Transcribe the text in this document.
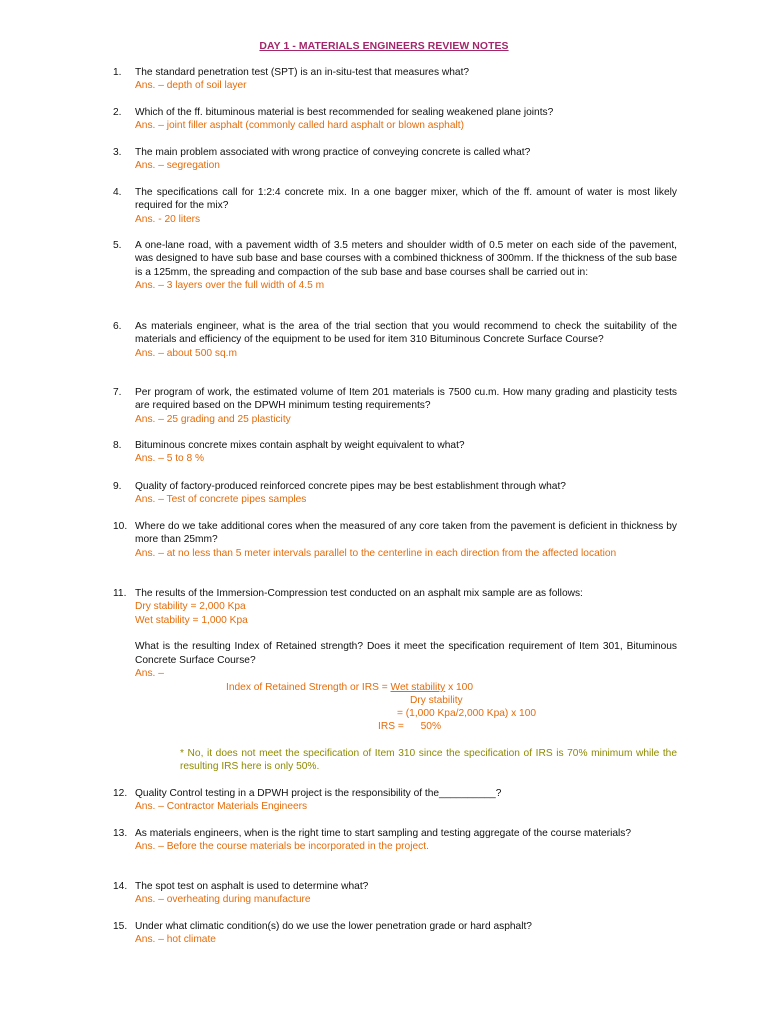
DAY 1 - MATERIALS ENGINEERS REVIEW NOTES
1.	The standard penetration test (SPT) is an in-situ-test that measures what?
Ans. – depth of soil layer
2.	Which of the ff. bituminous material is best recommended for sealing weakened plane joints?
Ans. – joint filler asphalt (commonly called hard asphalt or blown asphalt)
3.	The main problem associated with wrong practice of conveying concrete is called what?
Ans. – segregation
4.	The specifications call for 1:2:4 concrete mix. In a one bagger mixer, which of the ff. amount of water is most likely required for the mix?
Ans. - 20 liters
5.	A one-lane road, with a pavement width of 3.5 meters and shoulder width of 0.5 meter on each side of the pavement, was designed to have sub base and base courses with a combined thickness of 300mm. If the thickness of the sub base is a 125mm, the spreading and compaction of the sub base and base courses shall be carried out in:
Ans. – 3 layers over the full width of 4.5 m
6.	As materials engineer, what is the area of the trial section that you would recommend to check the suitability of the materials and efficiency of the equipment to be used for item 310 Bituminous Concrete Surface Course?
Ans. – about 500 sq.m
7.	Per program of work, the estimated volume of Item 201 materials is 7500 cu.m. How many grading and plasticity tests are required based on the DPWH minimum testing requirements?
Ans. – 25 grading and 25 plasticity
8.	Bituminous concrete mixes contain asphalt by weight equivalent to what?
Ans. – 5 to 8 %
9.	Quality of factory-produced reinforced concrete pipes may be best establishment through what?
Ans. – Test of concrete pipes samples
10. Where do we take additional cores when the measured of any core taken from the pavement is deficient in thickness by more than 25mm?
Ans. – at no less than 5 meter intervals parallel to the centerline in each direction from the affected location
11. The results of the Immersion-Compression test conducted on an asphalt mix sample are as follows:
Dry stability = 2,000 Kpa
Wet stability = 1,000 Kpa
What is the resulting Index of Retained strength? Does it meet the specification requirement of Item 301, Bituminous Concrete Surface Course?
Ans. –
Index of Retained Strength or IRS = Wet stability x 100
Dry stability
= (1,000 Kpa/2,000 Kpa) x 100
IRS = 50%
* No, it does not meet the specification of Item 310 since the specification of IRS is 70% minimum while the resulting IRS here is only 50%.
12. Quality Control testing in a DPWH project is the responsibility of the__________?
Ans. – Contractor Materials Engineers
13. As materials engineers, when is the right time to start sampling and testing aggregate of the course materials?
Ans. – Before the course materials be incorporated in the project.
14. The spot test on asphalt is used to determine what?
Ans. – overheating during manufacture
15. Under what climatic condition(s) do we use the lower penetration grade or hard asphalt?
Ans. – hot climate
